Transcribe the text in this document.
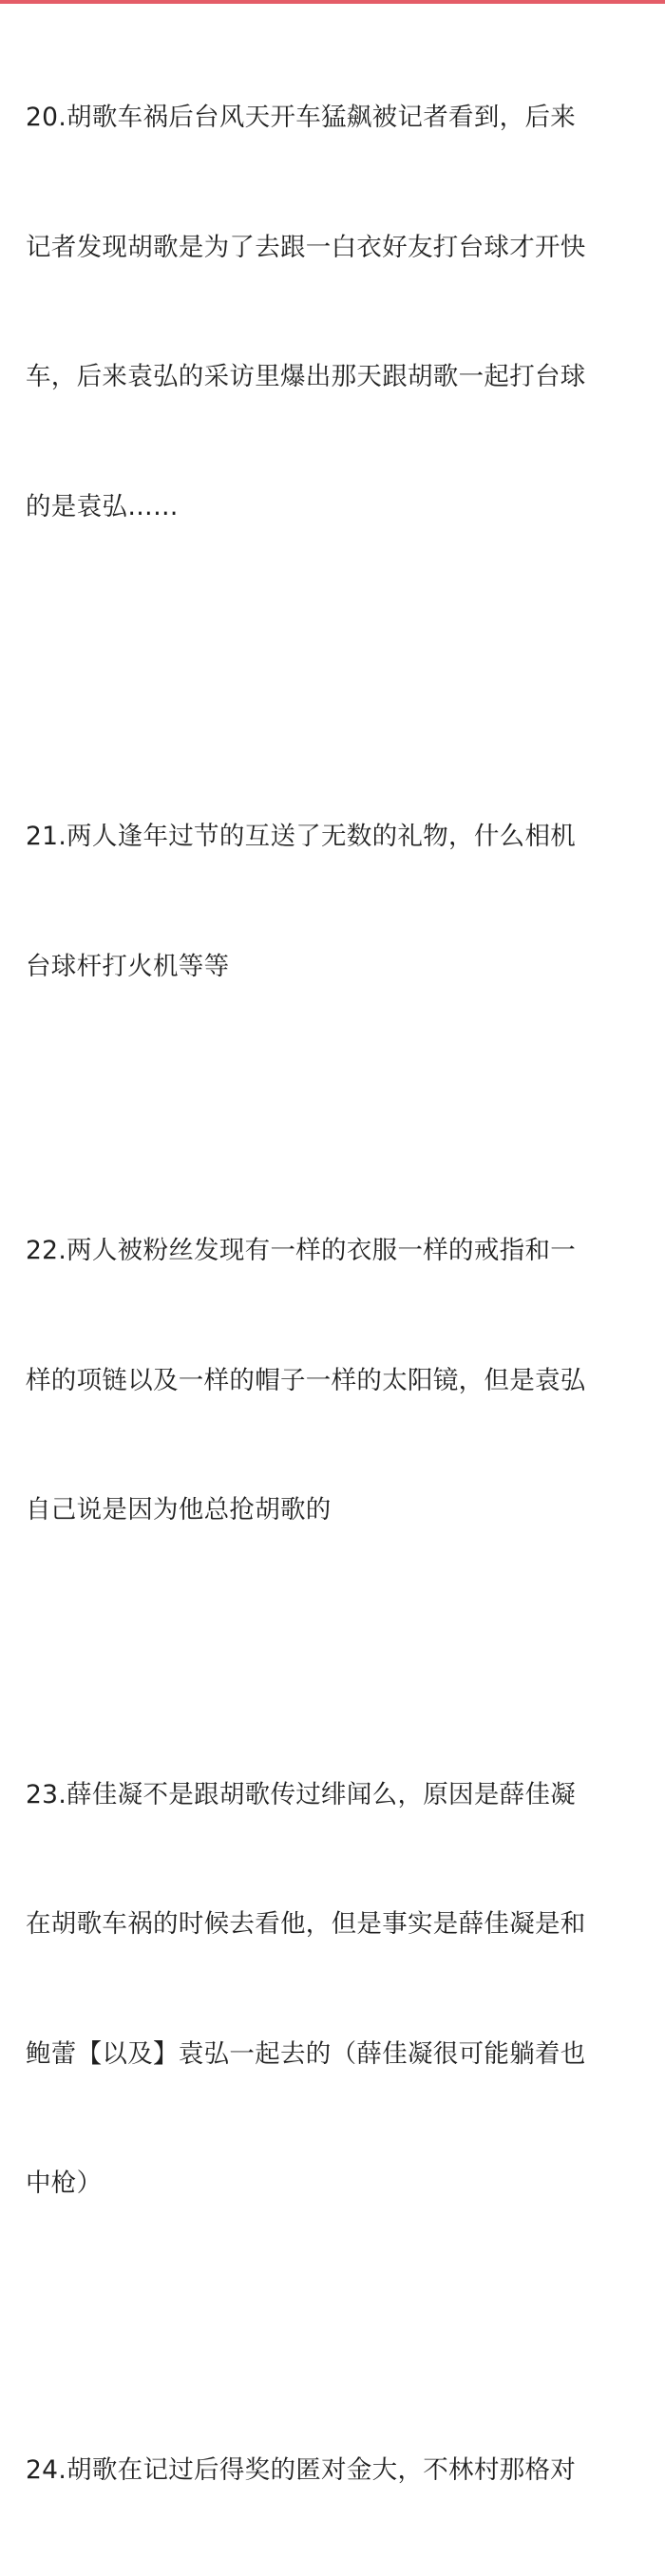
20.胡歌车祸后台风天开车猛飙被记者看到，后来

记者发现胡歌是为了去跟一白衣好友打台球才开快

车，后来袁弘的采访里爆出那天跟胡歌一起打台球

的是袁弘……

21.两人逢年过节的互送了无数的礼物，什么相机

台球杆打火机等等

22.两人被粉丝发现有一样的衣服一样的戒指和一

样的项链以及一样的帽子一样的太阳镜，但是袁弘

自己说是因为他总抢胡歌的

23.薛佳凝不是跟胡歌传过绯闻么，原因是薛佳凝

在胡歌车祸的时候去看他，但是事实是薛佳凝是和

鲍蕾【以及】袁弘一起去的（薛佳凝很可能躺着也

中枪）

24.胡歌在记过后得奖的匿对金大，不林村那格对
